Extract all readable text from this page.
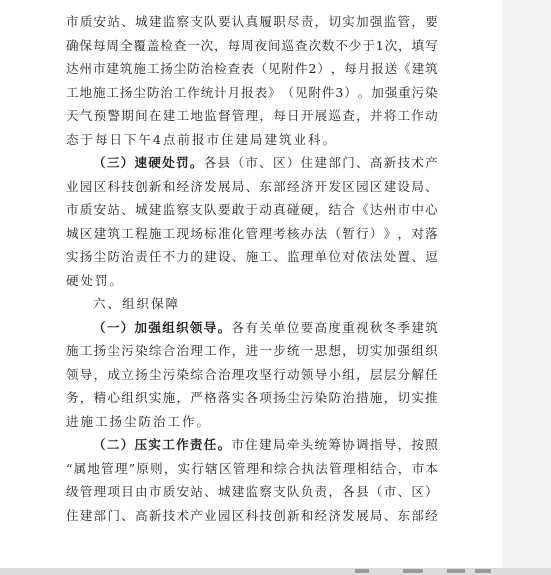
市 质 安 站 、 城 建 监 察 支 队 要 认 真 履 职 尽 责 ， 切 实 加 强 监 管 ， 要
确 保 每 周 全 覆 盖 检 查 一 次 ， 每 周 夜 间 巡 查 次 数 不 少 于 1 次 ， 填 写
达 州 市 建 筑 施 工 扬 尘 防 治 检 查 表 （ 见 附 件 2 ） ， 每 月 报 送 《 建 筑
工 地 施 工 扬 尘 防 治 工 作 统 计 月 报 表 》 （ 见 附 件 3 ） 。 加 强 重 污 染
天 气 预 警 期 间 在 建 工 地 监 督 管 理 ， 每 日 开 展 巡 查 ， 并 将 工 作 动
态于每日下午4点前报市住建局建筑业科。
（ 三 ） 速 硬 处 罚 。 各 县 （ 市 、 区 ） 住 建 部 门 、 高 新 技 术 产
业 园 区 科 技 创 新 和 经 济 发 展 局 、 东 部 经 济 开 发 区 园 区 建 设 局 、
市 质 安 站 、 城 建 监 察 支 队 要 敢 于 动 真 碰 硬 ， 结 合 《 达 州 市 中 心
城 区 建 筑 工 程 施 工 现 场 标 准 化 管 理 考 核 办 法 （ 暂 行 ） 》 ， 对 落
实 扬 尘 防 治 责 任 不 力 的 建 设 、 施 工 、 监 理 单 位 对 依 法 处 置 、 逗
硬处罚。
六、组织保障
（ 一 ） 加 强 组 织 领 导 。 各 有 关 单 位 要 高 度 重 视 秋 冬 季 建 筑
施 工 扬 尘 污 染 综 合 治 理 工 作 ， 进 一 步 统 一 思 想 ， 切 实 加 强 组 织
领 导 ， 成 立 扬 尘 污 染 综 合 治 理 攻 坚 行 动 领 导 小 组 ， 层 层 分 解 任
务 ， 精 心 组 织 实 施 ， 严 格 落 实 各 项 扬 尘 污 染 防 治 措 施 ， 切 实 推
进施工扬尘防治工作。
（ 二 ） 压 实 工 作 责 任 。 市 住 建 局 牵 头 统 筹 协 调 指 导 ， 按 照
“ 属 地 管 理 ” 原 则 ， 实 行 辖 区 管 理 和 综 合 执 法 管 理 相 结 合 ， 市 本
级 管 理 项 目 由 市 质 安 站 、 城 建 监 察 支 队 负 责 ， 各 县 （ 市 、 区 ）
住 建 部 门 、 高 新 技 术 产 业 园 区 科 技 创 新 和 经 济 发 展 局 、 东 部 经
